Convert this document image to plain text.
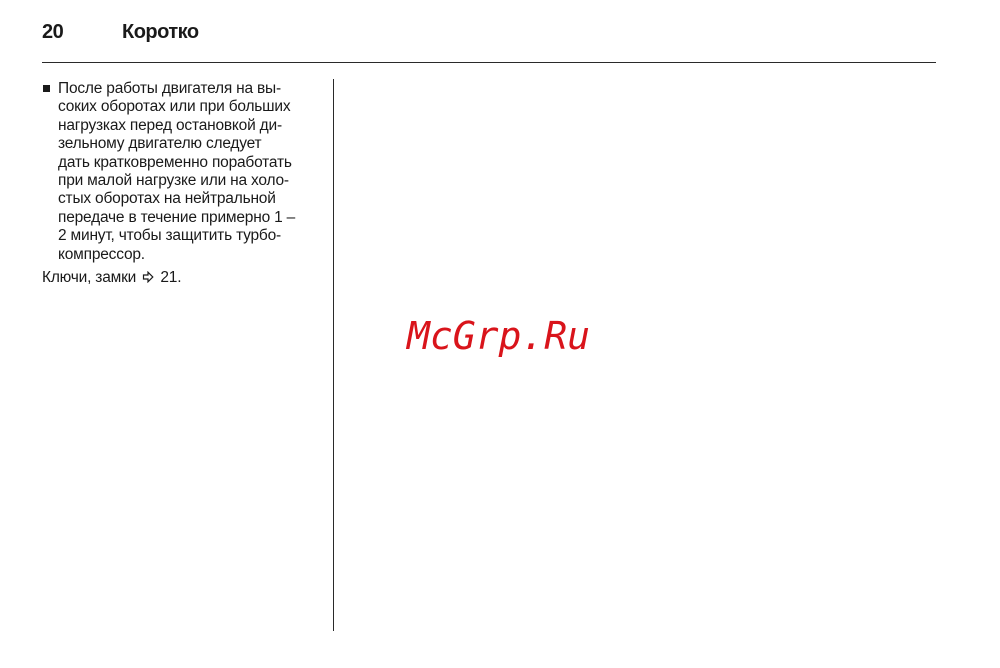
20	Коротко
После работы двигателя на вы-
соких оборотах или при больших
нагрузках перед остановкой ди-
зельному двигателю следует
дать кратковременно поработать
при малой нагрузке или на холо-
стых оборотах на нейтральной
передаче в течение примерно 1 –
2 минут, чтобы защитить турбо-
компрессор.
Ключи, замки 21.
McGrp.Ru
